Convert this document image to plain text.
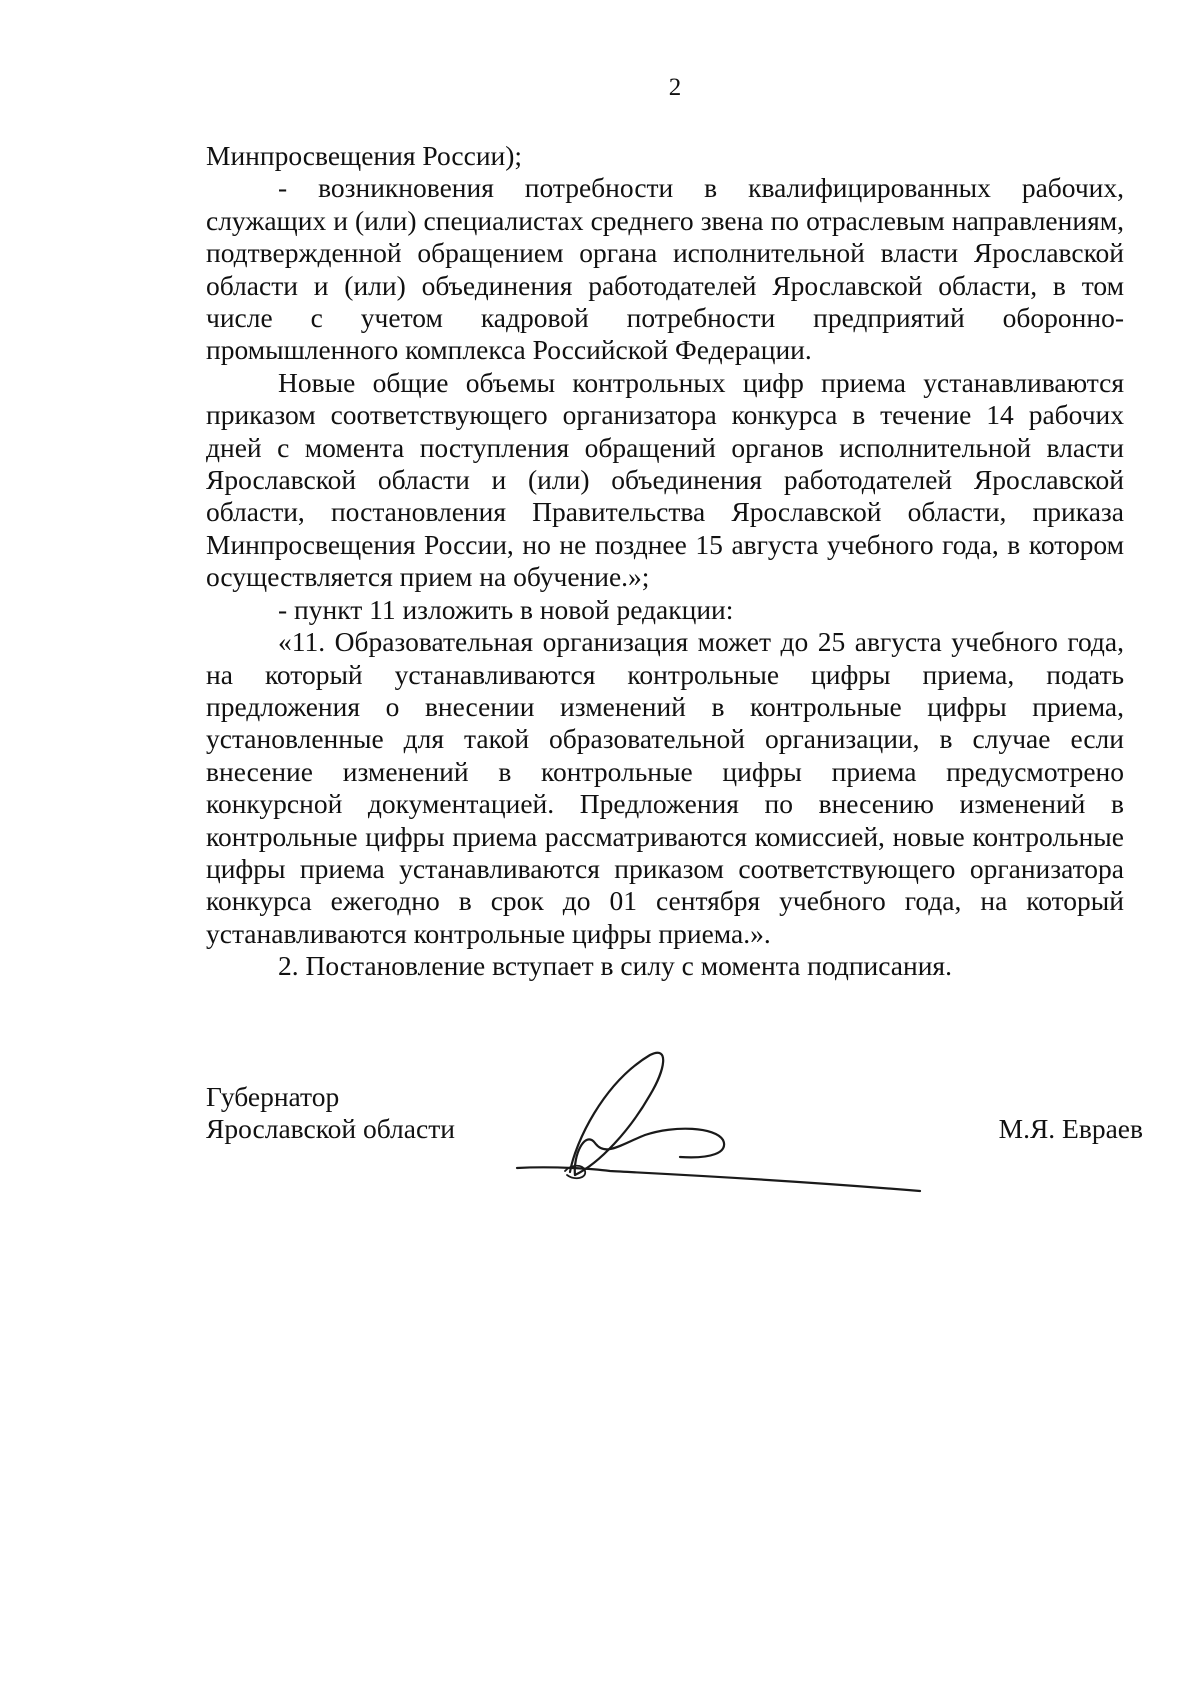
2

Минпросвещения России);

- возникновения потребности в квалифицированных рабочих, служащих и (или) специалистах среднего звена по отраслевым направлениям, подтвержденной обращением органа исполнительной власти Ярославской области и (или) объединения работодателей Ярославской области, в том числе с учетом кадровой потребности предприятий оборонно-промышленного комплекса Российской Федерации.

Новые общие объемы контрольных цифр приема устанавливаются приказом соответствующего организатора конкурса в течение 14 рабочих дней с момента поступления обращений органов исполнительной власти Ярославской области и (или) объединения работодателей Ярославской области, постановления Правительства Ярославской области, приказа Минпросвещения России, но не позднее 15 августа учебного года, в котором осуществляется прием на обучение.»;

- пункт 11 изложить в новой редакции:

«11. Образовательная организация может до 25 августа учебного года, на который устанавливаются контрольные цифры приема, подать предложения о внесении изменений в контрольные цифры приема, установленные для такой образовательной организации, в случае если внесение изменений в контрольные цифры приема предусмотрено конкурсной документацией. Предложения по внесению изменений в контрольные цифры приема рассматриваются комиссией, новые контрольные цифры приема устанавливаются приказом соответствующего организатора конкурса ежегодно в срок до 01 сентября учебного года, на который устанавливаются контрольные цифры приема.».

2. Постановление вступает в силу с момента подписания.

Губернатор
Ярославской области	М.Я. Евраев
